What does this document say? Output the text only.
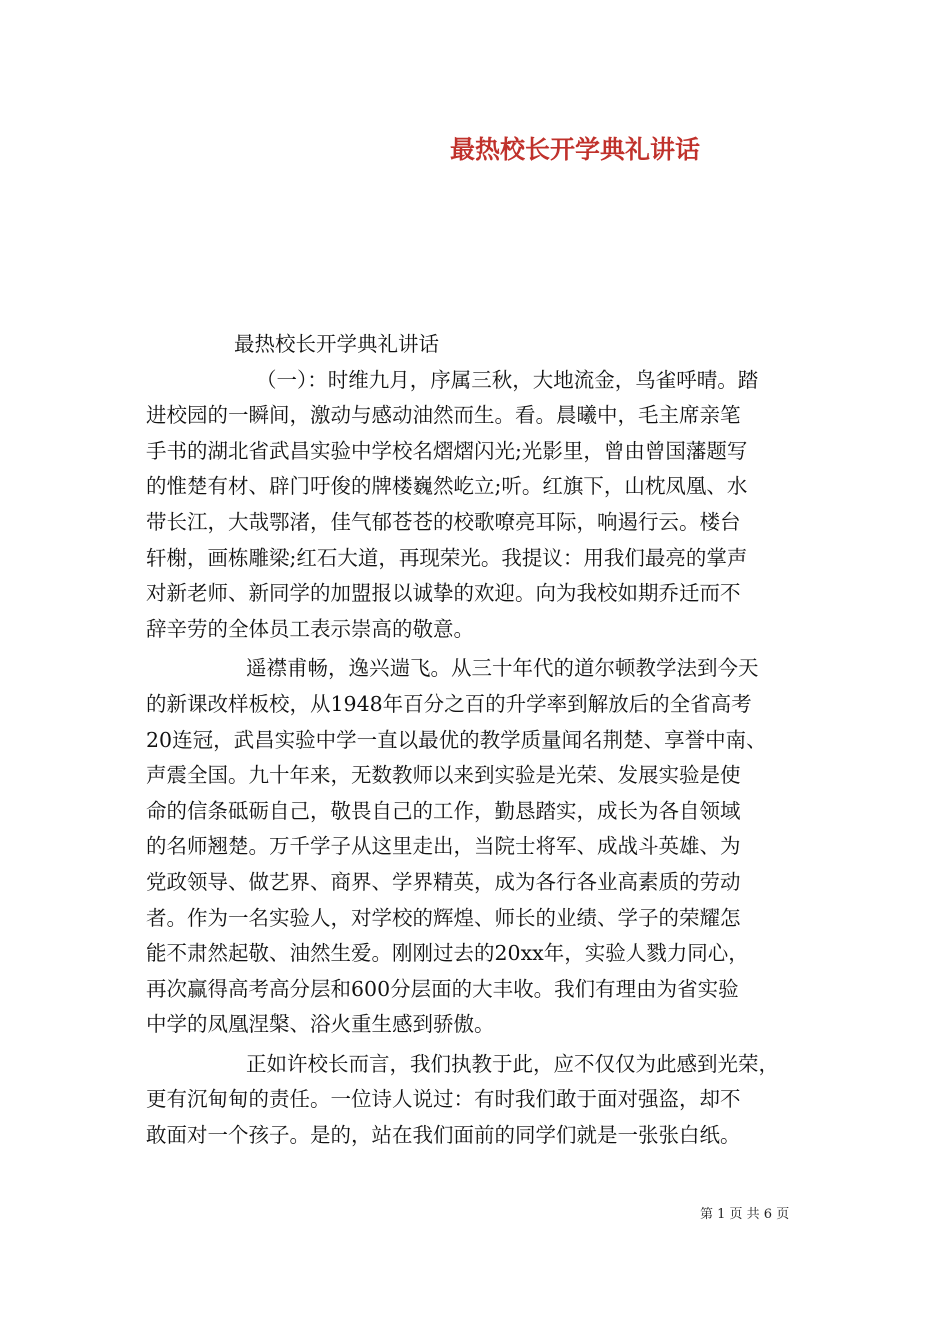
最热校长开学典礼讲话
最热校长开学典礼讲话
（一）：时维九月，序属三秋，大地流金，鸟雀呼晴。踏
进校园的一瞬间，激动与感动油然而生。看。晨曦中，毛主席亲笔
手书的湖北省武昌实验中学校名熠熠闪光;光影里，曾由曾国藩题写
的惟楚有材、辟门吁俊的牌楼巍然屹立;听。红旗下，山枕凤凰、水
带长江，大哉鄂渚，佳气郁苍苍的校歌嘹亮耳际，响遏行云。楼台
轩榭，画栋雕梁;红石大道，再现荣光。我提议：用我们最亮的掌声
对新老师、新同学的加盟报以诚挚的欢迎。向为我校如期乔迁而不
辞辛劳的全体员工表示崇高的敬意。
遥襟甫畅，逸兴遄飞。从三十年代的道尔顿教学法到今天
的新课改样板校，从1948年百分之百的升学率到解放后的全省高考
20连冠，武昌实验中学一直以最优的教学质量闻名荆楚、享誉中南、
声震全国。九十年来，无数教师以来到实验是光荣、发展实验是使
命的信条砥砺自己，敬畏自己的工作，勤恳踏实，成长为各自领域
的名师翘楚。万千学子从这里走出，当院士将军、成战斗英雄、为
党政领导、做艺界、商界、学界精英，成为各行各业高素质的劳动
者。作为一名实验人，对学校的辉煌、师长的业绩、学子的荣耀怎
能不肃然起敬、油然生爱。刚刚过去的20xx年，实验人戮力同心，
再次赢得高考高分层和600分层面的大丰收。我们有理由为省实验
中学的凤凰涅槃、浴火重生感到骄傲。
正如许校长而言，我们执教于此，应不仅仅为此感到光荣，
更有沉甸甸的责任。一位诗人说过：有时我们敢于面对强盗，却不
敢面对一个孩子。是的，站在我们面前的同学们就是一张张白纸。
第 1 页 共 6 页
